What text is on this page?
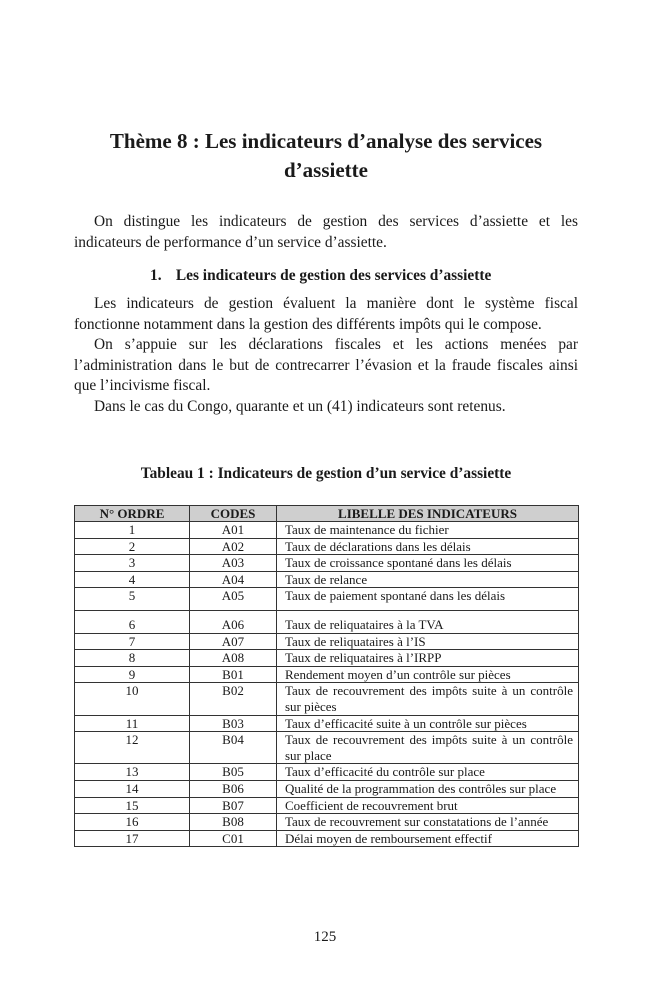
Thème 8 : Les indicateurs d’analyse des services
d’assiette

On distingue les indicateurs de gestion des services d’assiette et les indicateurs de performance d’un service d’assiette.

1. Les indicateurs de gestion des services d’assiette

Les indicateurs de gestion évaluent la manière dont le système fiscal fonctionne notamment dans la gestion des différents impôts qui le compose.

On s’appuie sur les déclarations fiscales et les actions menées par l’administration dans le but de contrecarrer l’évasion et la fraude fiscales ainsi que l’incivisme fiscal.

Dans le cas du Congo, quarante et un (41) indicateurs sont retenus.

Tableau 1 : Indicateurs de gestion d’un service d’assiette

N° ORDRE	CODES	LIBELLE DES INDICATEURS
1	A01	Taux de maintenance du fichier
2	A02	Taux de déclarations dans les délais
3	A03	Taux de croissance spontané dans les délais
4	A04	Taux de relance
5	A05	Taux de paiement spontané dans les délais
6	A06	Taux de reliquataires à la TVA
7	A07	Taux de reliquataires à l’IS
8	A08	Taux de reliquataires à l’IRPP
9	B01	Rendement moyen d’un contrôle sur pièces
10	B02	Taux de recouvrement des impôts suite à un contrôle sur pièces
11	B03	Taux d’efficacité suite à un contrôle sur pièces
12	B04	Taux de recouvrement des impôts suite à un contrôle sur place
13	B05	Taux d’efficacité du contrôle sur place
14	B06	Qualité de la programmation des contrôles sur place
15	B07	Coefficient de recouvrement brut
16	B08	Taux de recouvrement sur constatations de l’année
17	C01	Délai moyen de remboursement effectif

125
